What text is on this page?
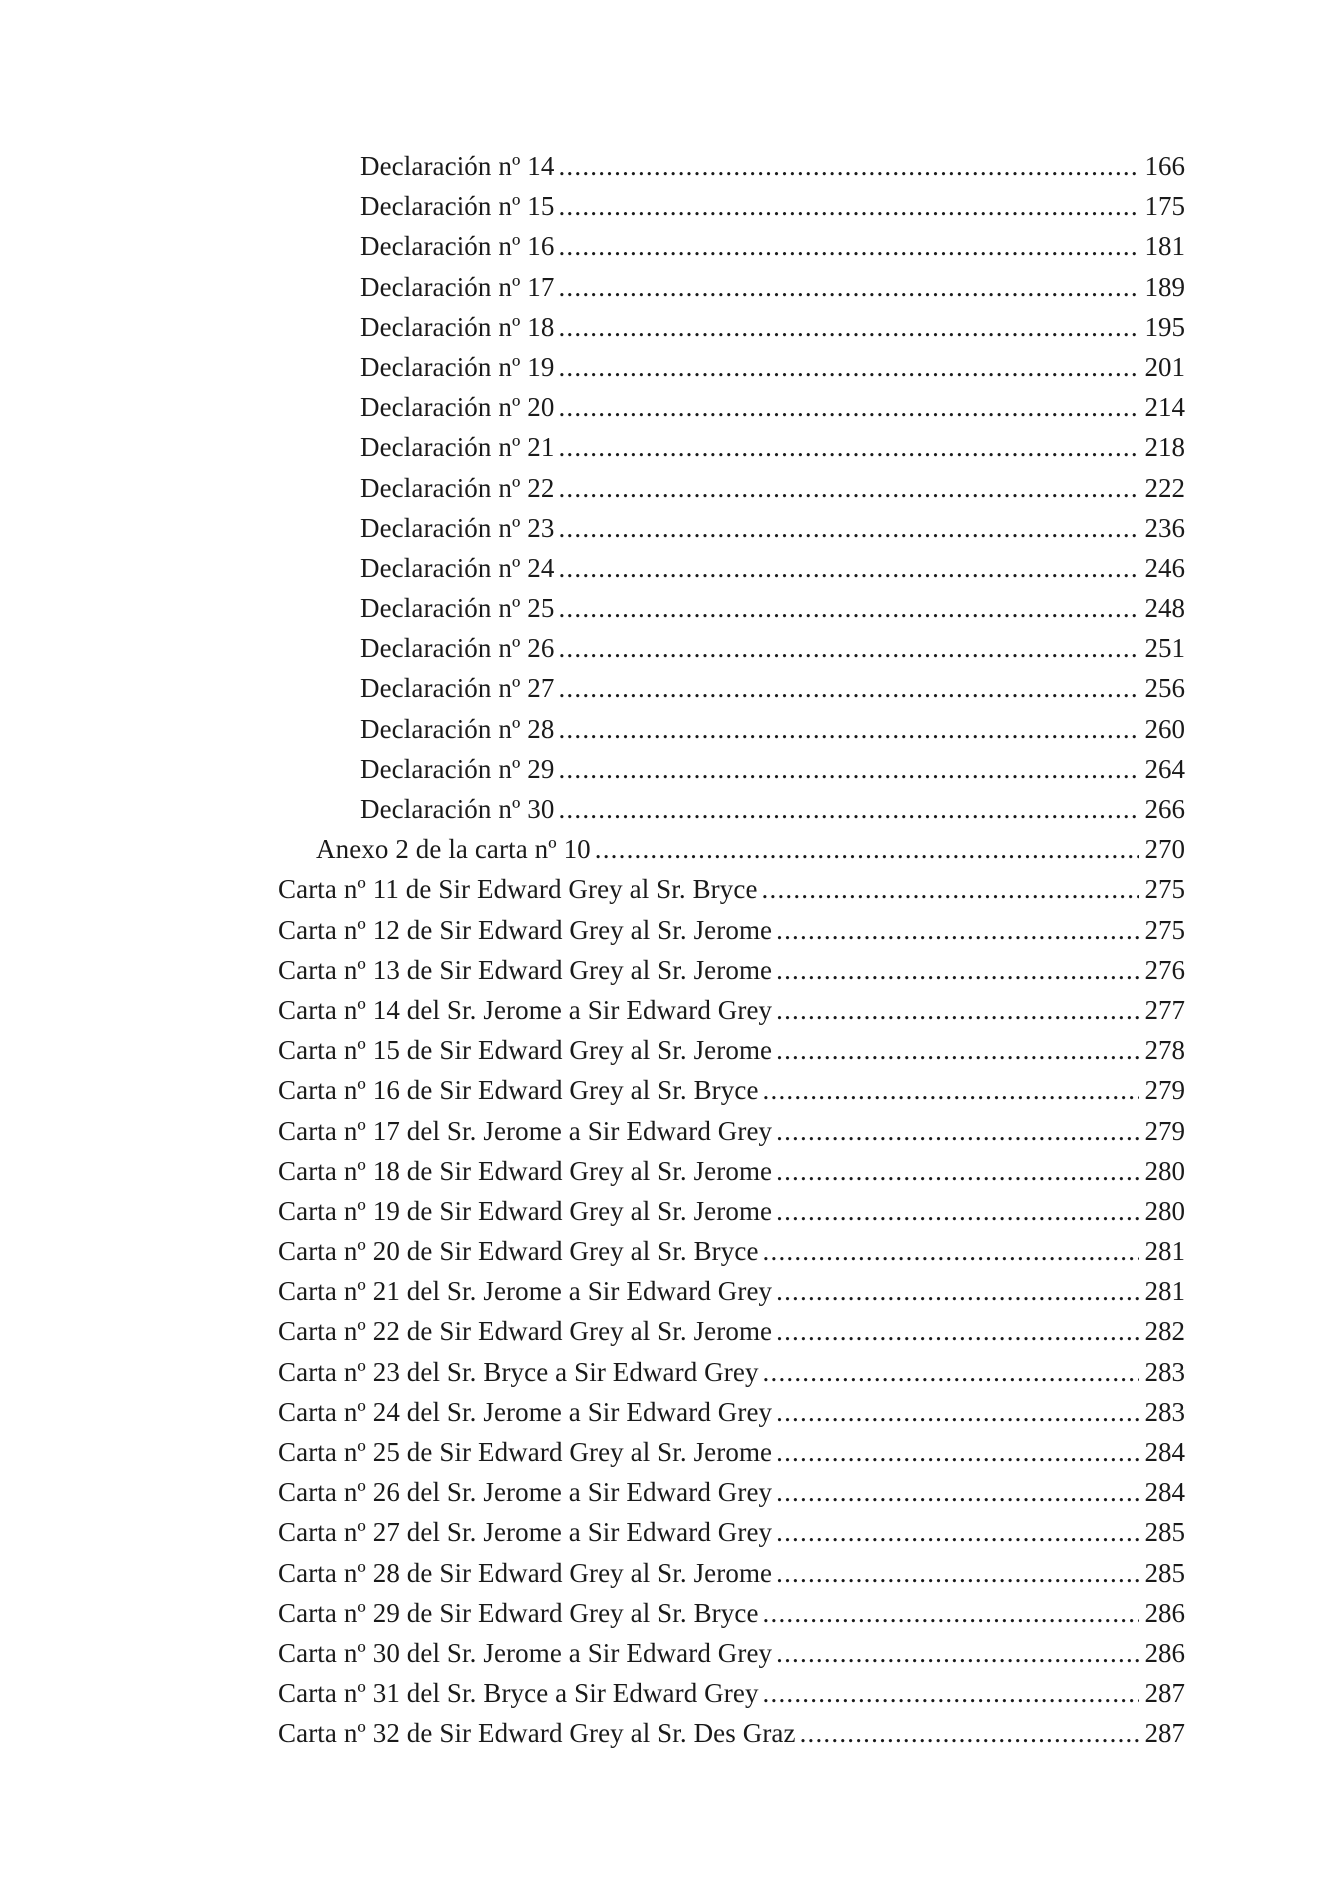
Declaración nº 14 .....	166
Declaración nº 15 .....	175
Declaración nº 16 .....	181
Declaración nº 17 .....	189
Declaración nº 18 .....	195
Declaración nº 19 .....	201
Declaración nº 20 .....	214
Declaración nº 21 .....	218
Declaración nº 22 .....	222
Declaración nº 23 .....	236
Declaración nº 24 .....	246
Declaración nº 25 .....	248
Declaración nº 26 .....	251
Declaración nº 27 .....	256
Declaración nº 28 .....	260
Declaración nº 29 .....	264
Declaración nº 30 .....	266
Anexo 2 de la carta nº 10 .....	270
Carta nº 11 de Sir Edward Grey al Sr. Bryce .....	275
Carta nº 12 de Sir Edward Grey al Sr. Jerome .....	275
Carta nº 13 de Sir Edward Grey al Sr. Jerome .....	276
Carta nº 14 del Sr. Jerome a Sir Edward Grey .....	277
Carta nº 15 de Sir Edward Grey al Sr. Jerome .....	278
Carta nº 16 de Sir Edward Grey al Sr. Bryce .....	279
Carta nº 17 del Sr. Jerome a Sir Edward Grey .....	279
Carta nº 18 de Sir Edward Grey al Sr. Jerome .....	280
Carta nº 19 de Sir Edward Grey al Sr. Jerome .....	280
Carta nº 20 de Sir Edward Grey al Sr. Bryce .....	281
Carta nº 21 del Sr. Jerome a Sir Edward Grey .....	281
Carta nº 22 de Sir Edward Grey al Sr. Jerome .....	282
Carta nº 23 del Sr. Bryce a Sir Edward Grey .....	283
Carta nº 24 del Sr. Jerome a Sir Edward Grey .....	283
Carta nº 25 de Sir Edward Grey al Sr. Jerome .....	284
Carta nº 26 del Sr. Jerome a Sir Edward Grey .....	284
Carta nº 27 del Sr. Jerome a Sir Edward Grey .....	285
Carta nº 28 de Sir Edward Grey al Sr. Jerome .....	285
Carta nº 29 de Sir Edward Grey al Sr. Bryce .....	286
Carta nº 30 del Sr. Jerome a Sir Edward Grey .....	286
Carta nº 31 del Sr. Bryce a Sir Edward Grey .....	287
Carta nº 32 de Sir Edward Grey al Sr. Des Graz .....	287
